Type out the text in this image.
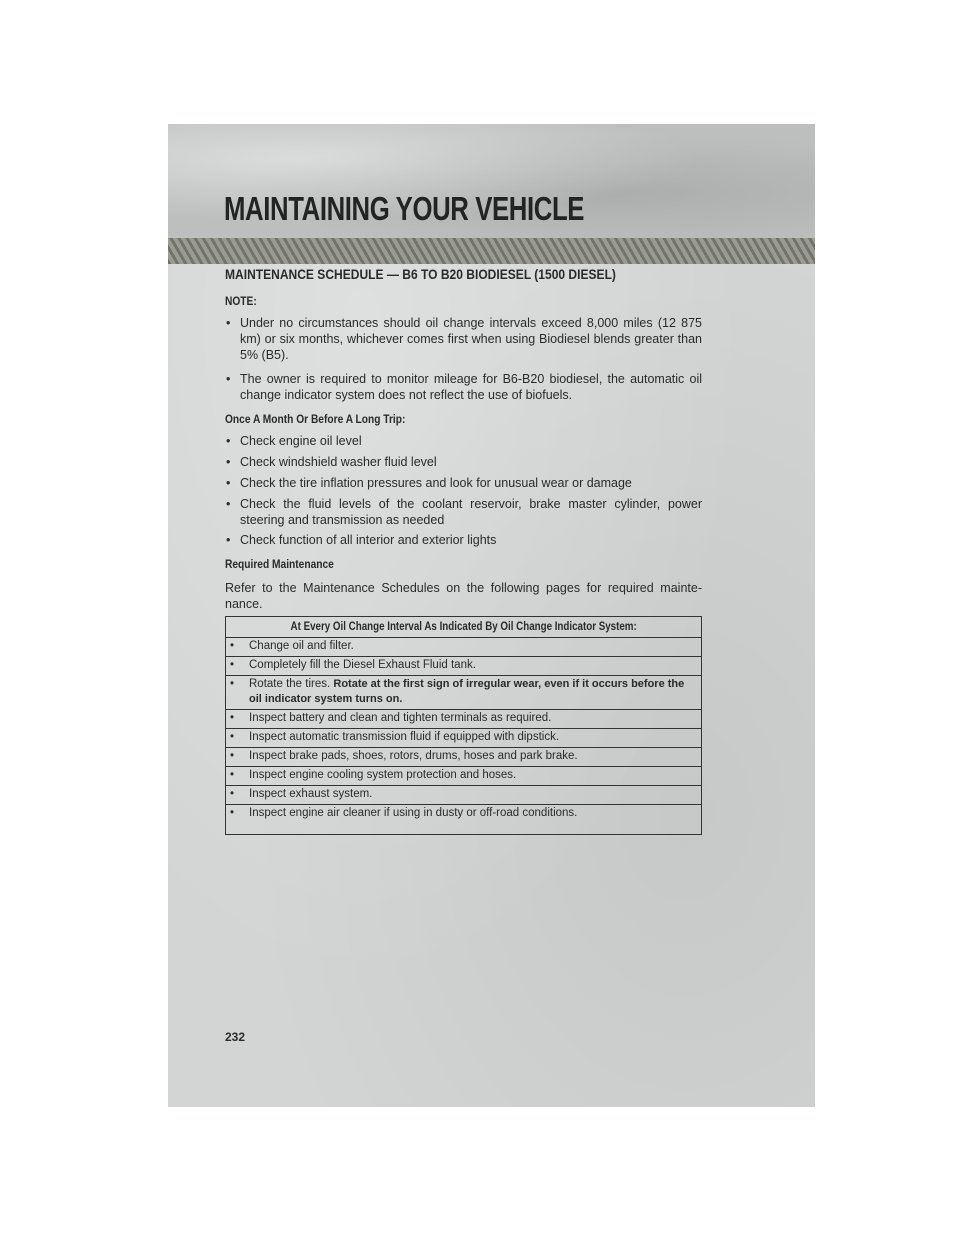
MAINTAINING YOUR VEHICLE
MAINTENANCE SCHEDULE — B6 TO B20 BIODIESEL (1500 DIESEL)

NOTE:

• Under no circumstances should oil change intervals exceed 8,000 miles (12 875 km) or six months, whichever comes first when using Biodiesel blends greater than 5% (B5).
• The owner is required to monitor mileage for B6-B20 biodiesel, the automatic oil change indicator system does not reflect the use of biofuels.

Once A Month Or Before A Long Trip:

• Check engine oil level
• Check windshield washer fluid level
• Check the tire inflation pressures and look for unusual wear or damage
• Check the fluid levels of the coolant reservoir, brake master cylinder, power steering and transmission as needed
• Check function of all interior and exterior lights

Required Maintenance

Refer to the Maintenance Schedules on the following pages for required mainte-nance.

At Every Oil Change Interval As Indicated By Oil Change Indicator System:

•	Change oil and filter.

•	Completely fill the Diesel Exhaust Fluid tank.

•	Rotate the tires. Rotate at the first sign of irregular wear, even if it occurs before the oil indicator system turns on.

•	Inspect battery and clean and tighten terminals as required.

•	Inspect automatic transmission fluid if equipped with dipstick.

•	Inspect brake pads, shoes, rotors, drums, hoses and park brake.

•	Inspect engine cooling system protection and hoses.

•	Inspect exhaust system.

•	Inspect engine air cleaner if using in dusty or off-road conditions.
232
